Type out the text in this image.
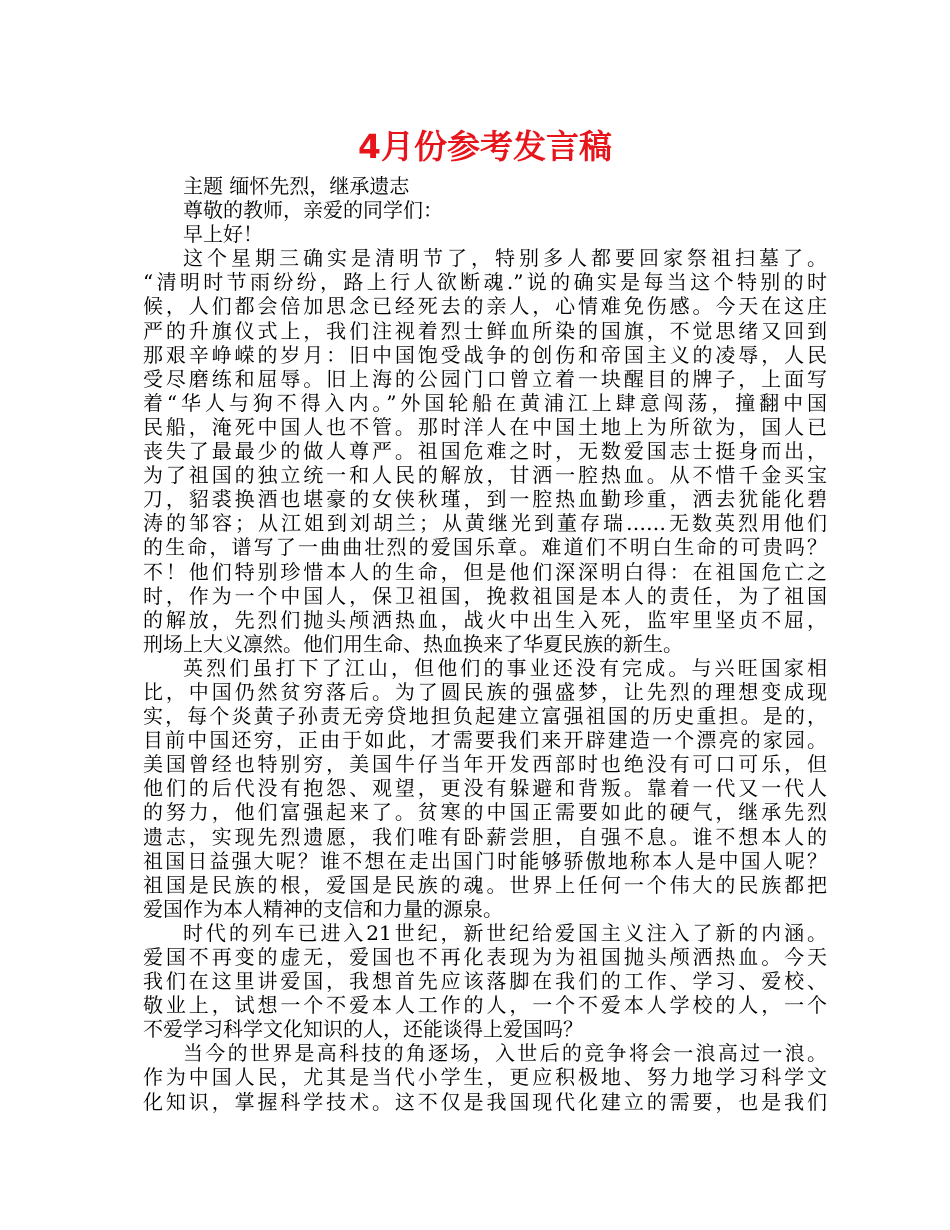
4月份参考发言稿
主题 缅怀先烈，继承遗志
尊敬的教师，亲爱的同学们：
早上好！
这个星期三确实是清明节了，特别多人都要回家祭祖扫墓了。
“清明时节雨纷纷，路上行人欲断魂.”说的确实是每当这个特别的时
候，人们都会倍加思念已经死去的亲人，心情难免伤感。今天在这庄
严的升旗仪式上，我们注视着烈士鲜血所染的国旗，不觉思绪又回到
那艰辛峥嵘的岁月：旧中国饱受战争的创伤和帝国主义的凌辱，人民
受尽磨练和屈辱。旧上海的公园门口曾立着一块醒目的牌子，上面写
着“华人与狗不得入内。”外国轮船在黄浦江上肆意闯荡，撞翻中国
民船，淹死中国人也不管。那时洋人在中国土地上为所欲为，国人已
丧失了最最少的做人尊严。祖国危难之时，无数爱国志士挺身而出，
为了祖国的独立统一和人民的解放，甘洒一腔热血。从不惜千金买宝
刀，貂裘换酒也堪豪的女侠秋瑾，到一腔热血勤珍重，洒去犹能化碧
涛的邹容；从江姐到刘胡兰；从黄继光到董存瑞……无数英烈用他们
的生命，谱写了一曲曲壮烈的爱国乐章。难道们不明白生命的可贵吗？
不！他们特别珍惜本人的生命，但是他们深深明白得：在祖国危亡之
时，作为一个中国人，保卫祖国，挽救祖国是本人的责任，为了祖国
的解放，先烈们抛头颅洒热血，战火中出生入死，监牢里坚贞不屈，
刑场上大义凛然。他们用生命、热血换来了华夏民族的新生。
英烈们虽打下了江山，但他们的事业还没有完成。与兴旺国家相
比，中国仍然贫穷落后。为了圆民族的强盛梦，让先烈的理想变成现
实，每个炎黄子孙责无旁贷地担负起建立富强祖国的历史重担。是的，
目前中国还穷，正由于如此，才需要我们来开辟建造一个漂亮的家园。
美国曾经也特别穷，美国牛仔当年开发西部时也绝没有可口可乐，但
他们的后代没有抱怨、观望，更没有躲避和背叛。靠着一代又一代人
的努力，他们富强起来了。贫寒的中国正需要如此的硬气，继承先烈
遗志，实现先烈遗愿，我们唯有卧薪尝胆，自强不息。谁不想本人的
祖国日益强大呢？谁不想在走出国门时能够骄傲地称本人是中国人呢？
祖国是民族的根，爱国是民族的魂。世界上任何一个伟大的民族都把
爱国作为本人精神的支信和力量的源泉。
时代的列车已进入21世纪，新世纪给爱国主义注入了新的内涵。
爱国不再变的虚无，爱国也不再化表现为为祖国抛头颅洒热血。今天
我们在这里讲爱国，我想首先应该落脚在我们的工作、学习、爱校、
敬业上，试想一个不爱本人工作的人，一个不爱本人学校的人，一个
不爱学习科学文化知识的人，还能谈得上爱国吗？
当今的世界是高科技的角逐场，入世后的竞争将会一浪高过一浪。
作为中国人民，尤其是当代小学生，更应积极地、努力地学习科学文
化知识，掌握科学技术。这不仅是我国现代化建立的需要，也是我们
